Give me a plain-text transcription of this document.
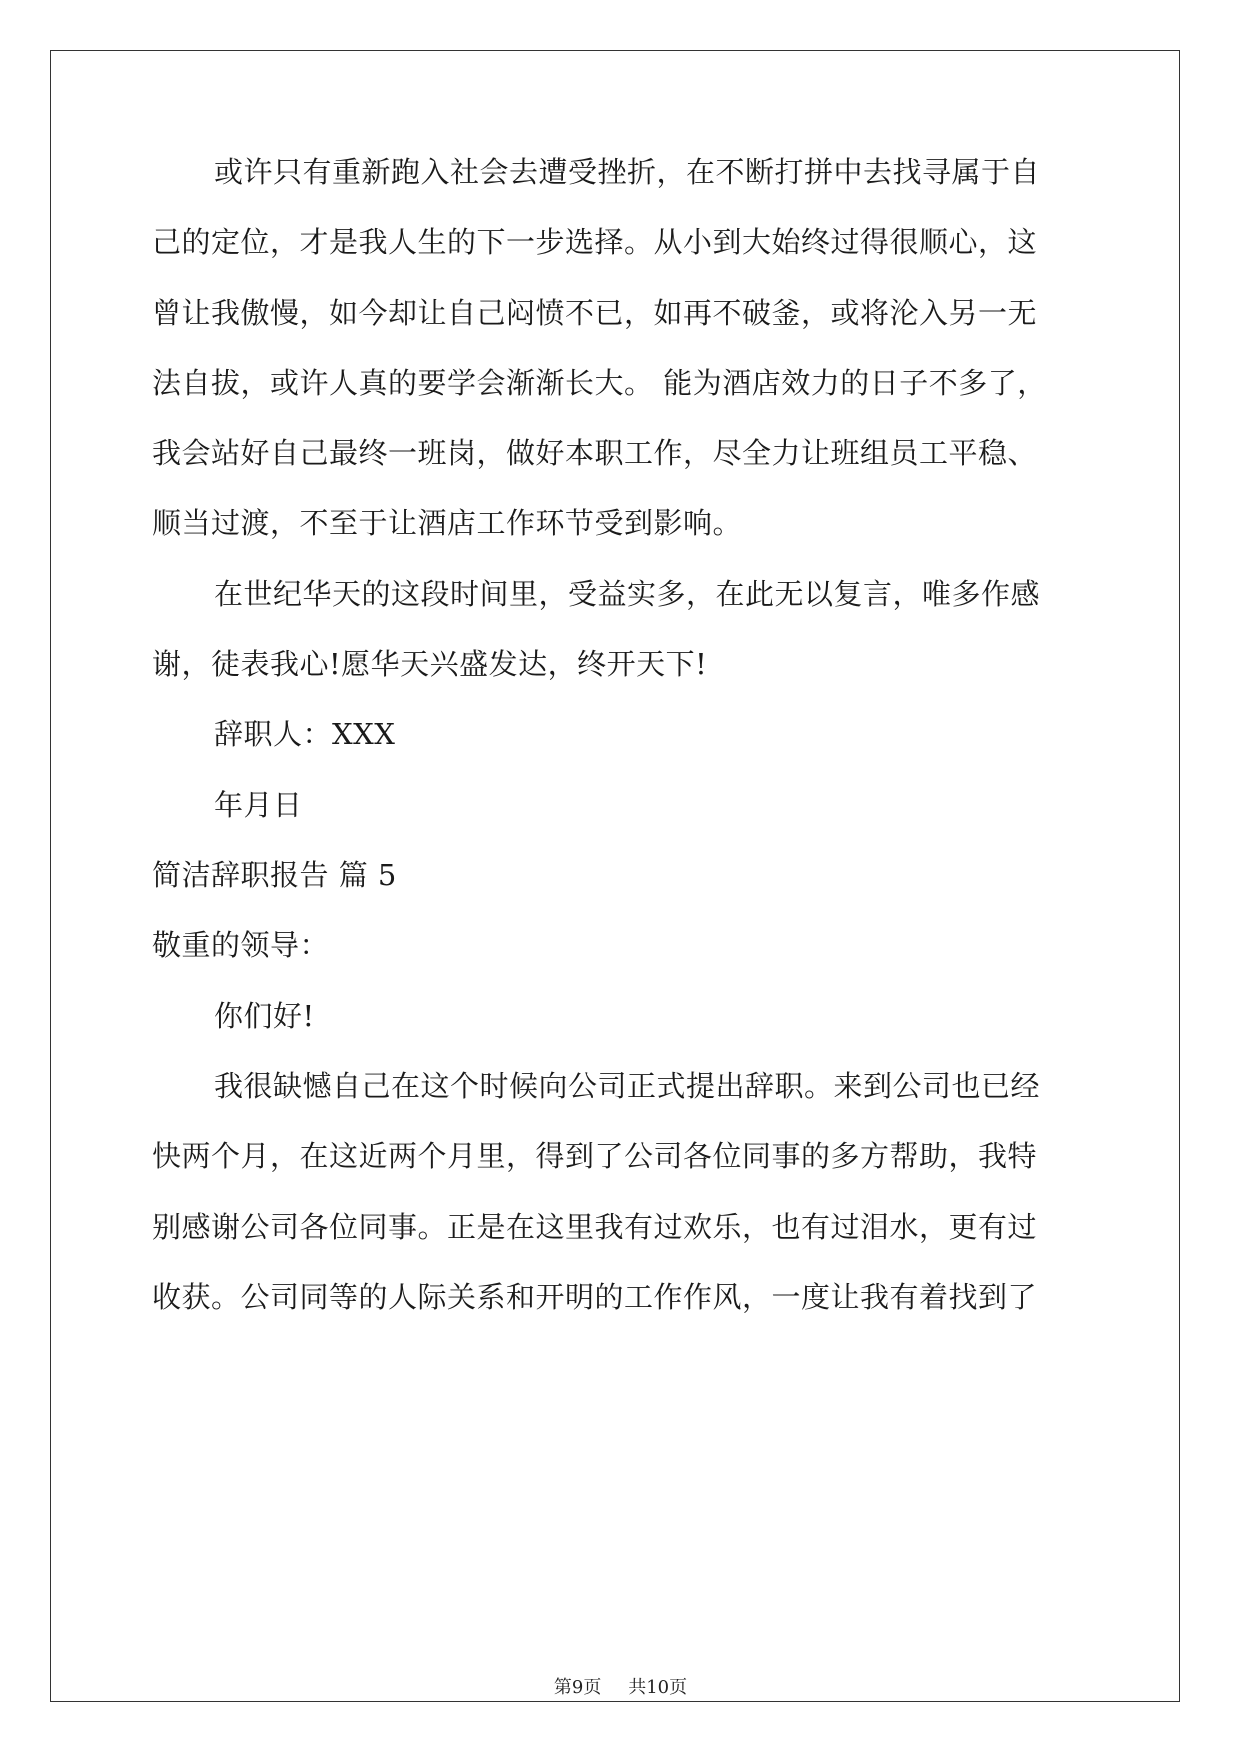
或许只有重新跑入社会去遭受挫折，在不断打拼中去找寻属于自
己的定位，才是我人生的下一步选择。从小到大始终过得很顺心，这
曾让我傲慢，如今却让自己闷愤不已，如再不破釜，或将沦入另一无
法自拔，或许人真的要学会渐渐长大。 能为酒店效力的日子不多了，
我会站好自己最终一班岗，做好本职工作，尽全力让班组员工平稳、
顺当过渡，不至于让酒店工作环节受到影响。
在世纪华天的这段时间里，受益实多，在此无以复言，唯多作感
谢，徒表我心!愿华天兴盛发达，终开天下!
辞职人：XXX
年月日
简洁辞职报告 篇 5
敬重的领导：
你们好!
我很缺憾自己在这个时候向公司正式提出辞职。来到公司也已经
快两个月，在这近两个月里，得到了公司各位同事的多方帮助，我特
别感谢公司各位同事。正是在这里我有过欢乐，也有过泪水，更有过
收获。公司同等的人际关系和开明的工作作风，一度让我有着找到了
第9页 共10页
